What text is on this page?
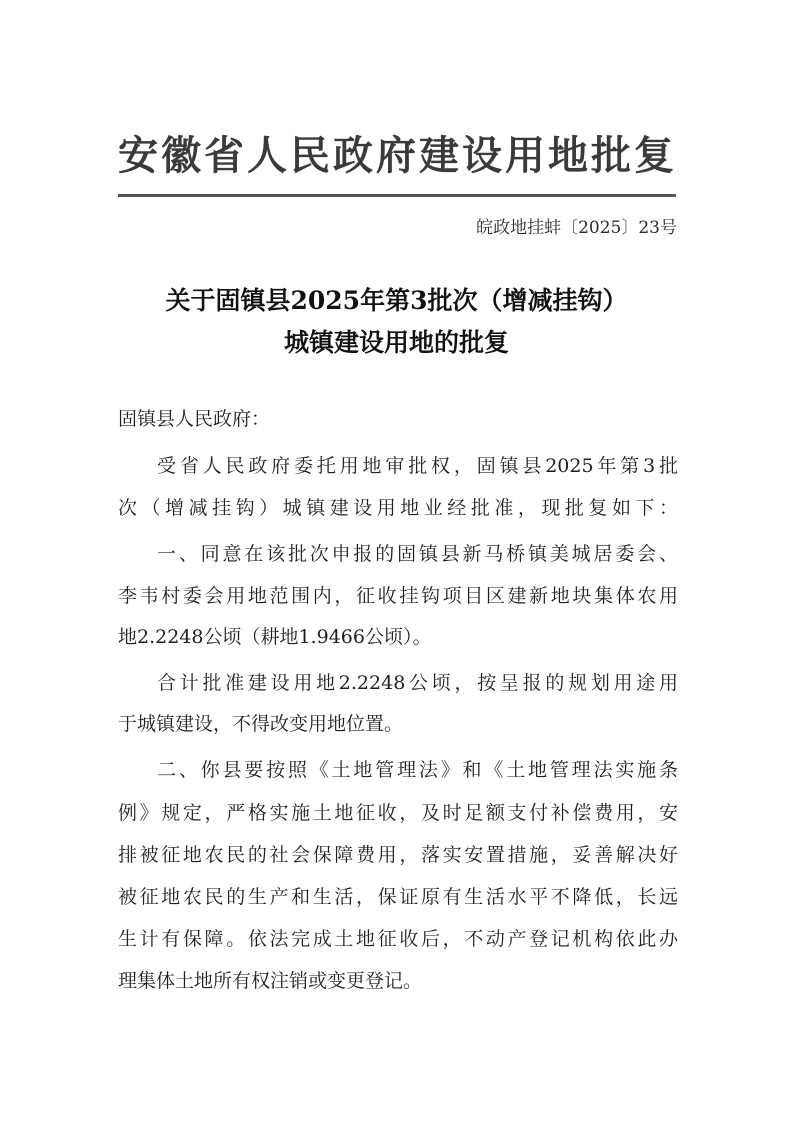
安徽省人民政府建设用地批复
皖政地挂蚌〔2025〕23号
关于固镇县2025年第3批次（增减挂钩）
城镇建设用地的批复
固镇县人民政府：
受省人民政府委托用地审批权，固镇县2025年第3批
次（增减挂钩）城镇建设用地业经批准，现批复如下：
一、同意在该批次申报的固镇县新马桥镇美城居委会、
李韦村委会用地范围内，征收挂钩项目区建新地块集体农用
地2.2248公顷（耕地1.9466公顷）。
合计批准建设用地2.2248公顷，按呈报的规划用途用
于城镇建设，不得改变用地位置。
二、你县要按照《土地管理法》和《土地管理法实施条
例》规定，严格实施土地征收，及时足额支付补偿费用，安
排被征地农民的社会保障费用，落实安置措施，妥善解决好
被征地农民的生产和生活，保证原有生活水平不降低，长远
生计有保障。依法完成土地征收后，不动产登记机构依此办
理集体土地所有权注销或变更登记。
